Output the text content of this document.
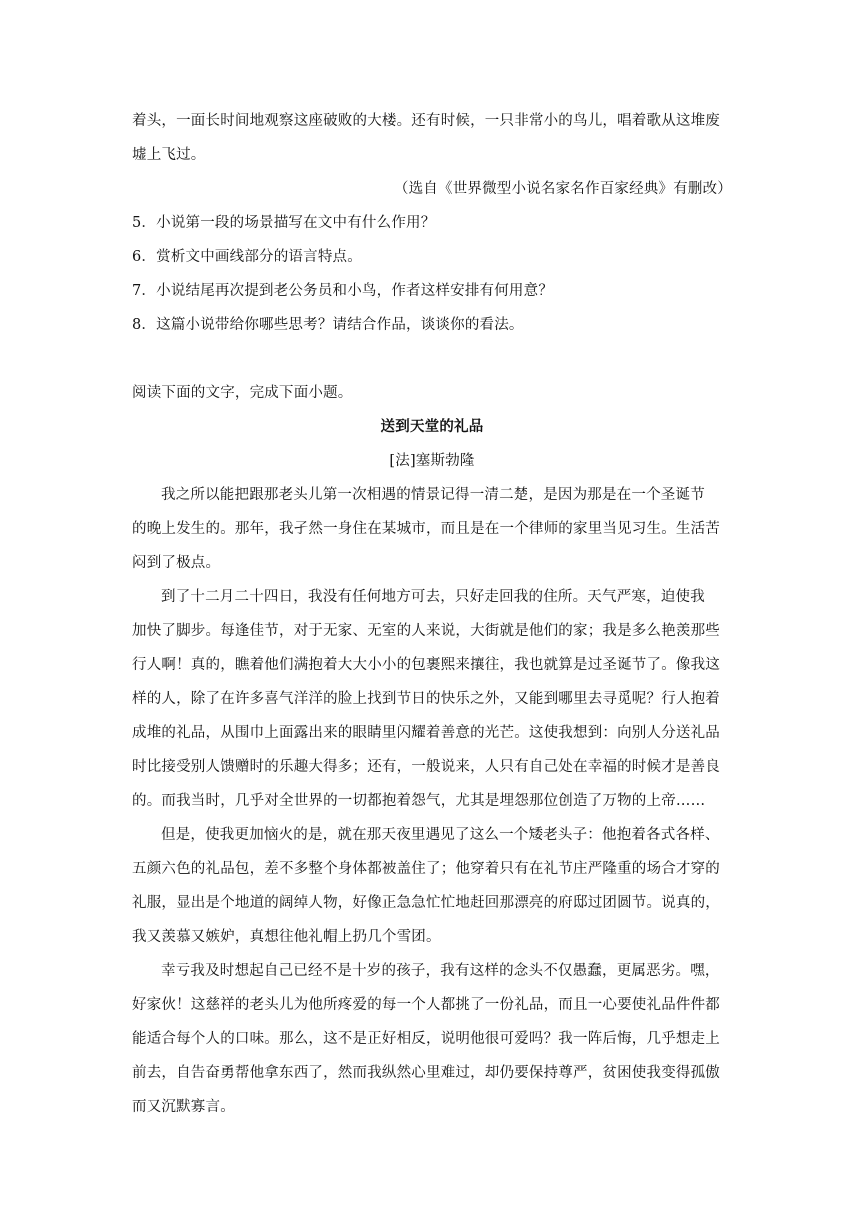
着头，一面长时间地观察这座破败的大楼。还有时候，一只非常小的鸟儿，唱着歌从这堆废
墟上飞过。
（选自《世界微型小说名家名作百家经典》有删改）
5．小说第一段的场景描写在文中有什么作用？
6．赏析文中画线部分的语言特点。
7．小说结尾再次提到老公务员和小鸟，作者这样安排有何用意？
8．这篇小说带给你哪些思考？请结合作品，谈谈你的看法。
阅读下面的文字，完成下面小题。
送到天堂的礼品
[法]塞斯勃隆
我之所以能把跟那老头儿第一次相遇的情景记得一清二楚，是因为那是在一个圣诞节
的晚上发生的。那年，我孑然一身住在某城市，而且是在一个律师的家里当见习生。生活苦
闷到了极点。
到了十二月二十四日，我没有任何地方可去，只好走回我的住所。天气严寒，迫使我
加快了脚步。每逢佳节，对于无家、无室的人来说，大街就是他们的家；我是多么艳羡那些
行人啊！真的，瞧着他们满抱着大大小小的包裹熙来攘往，我也就算是过圣诞节了。像我这
样的人，除了在许多喜气洋洋的脸上找到节日的快乐之外，又能到哪里去寻觅呢？行人抱着
成堆的礼品，从围巾上面露出来的眼睛里闪耀着善意的光芒。这使我想到：向别人分送礼品
时比接受别人馈赠时的乐趣大得多；还有，一般说来，人只有自己处在幸福的时候才是善良
的。而我当时，几乎对全世界的一切都抱着怨气，尤其是埋怨那位创造了万物的上帝……
但是，使我更加恼火的是，就在那天夜里遇见了这么一个矮老头子：他抱着各式各样、
五颜六色的礼品包，差不多整个身体都被盖住了；他穿着只有在礼节庄严隆重的场合才穿的
礼服，显出是个地道的阔绰人物，好像正急急忙忙地赶回那漂亮的府邸过团圆节。说真的，
我又羡慕又嫉妒，真想往他礼帽上扔几个雪团。
幸亏我及时想起自己已经不是十岁的孩子，我有这样的念头不仅愚蠢，更属恶劣。嘿，
好家伙！这慈祥的老头儿为他所疼爱的每一个人都挑了一份礼品，而且一心要使礼品件件都
能适合每个人的口味。那么，这不是正好相反，说明他很可爱吗？我一阵后悔，几乎想走上
前去，自告奋勇帮他拿东西了，然而我纵然心里难过，却仍要保持尊严，贫困使我变得孤傲
而又沉默寡言。
